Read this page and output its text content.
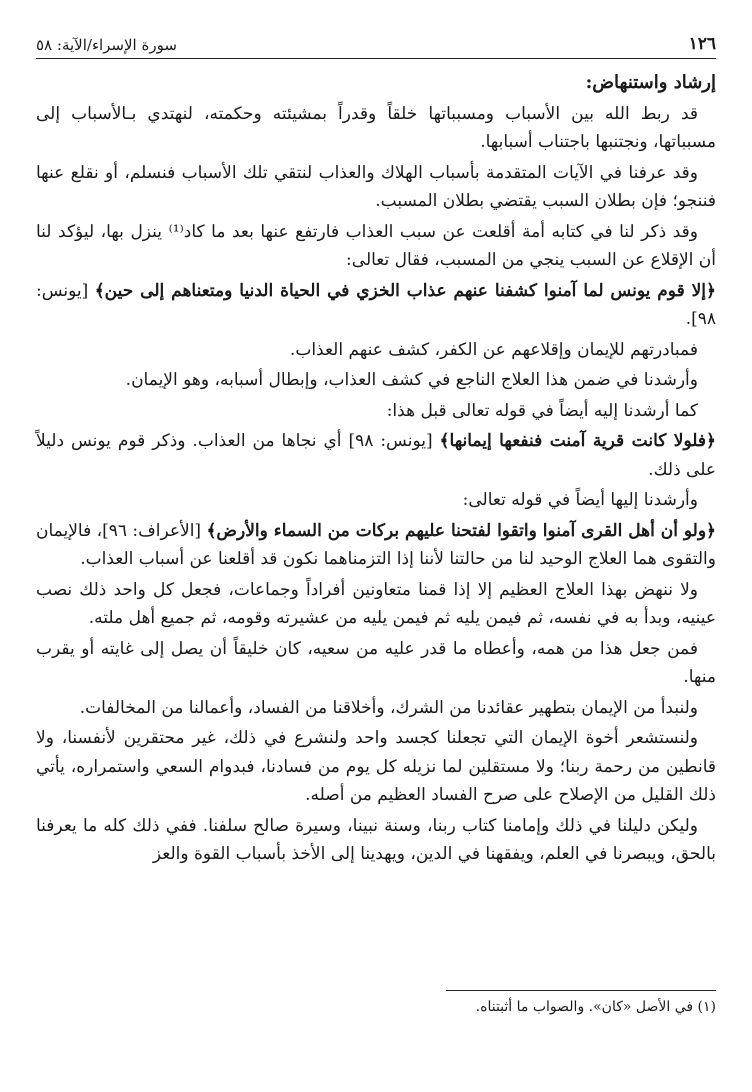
١٢٦
سورة الإسراء/الآية: ٥٨
إرشاد واستنهاض:

قد ربط الله بين الأسباب ومسبباتها خلقاً وقدراً بمشيئته وحكمته، لنهتدي بـالأسباب إلى مسبباتها، ونجتنبها باجتناب أسبابها.

وقد عرفنا في الآيات المتقدمة بأسباب الهلاك والعذاب لنتقي تلك الأسباب فنسلم، أو نقلع عنها فننجو؛ فإن بطلان السبب يقتضي بطلان المسبب.

وقد ذكر لنا في كتابه أمة أقلعت عن سبب العذاب فارتفع عنها بعد ما كاد⁽¹⁾ ينزل بها، ليؤكد لنا أن الإقلاع عن السبب ينجي من المسبب، فقال تعالى:

﴿إلا قوم يونس لما آمنوا كشفنا عنهم عذاب الخزي في الحياة الدنيا ومتعناهم إلى حين﴾ [يونس: ٩٨].

فمبادرتهم للإيمان وإقلاعهم عن الكفر، كشف عنهم العذاب.

وأرشدنا في ضمن هذا العلاج الناجع في كشف العذاب، وإبطال أسبابه، وهو الإيمان.

كما أرشدنا إليه أيضاً في قوله تعالى قبل هذا:

﴿فلولا كانت قرية آمنت فنفعها إيمانها﴾ [يونس: ٩٨] أي نجاها من العذاب. وذكر قوم يونس دليلاً على ذلك.

وأرشدنا إليها أيضاً في قوله تعالى:

﴿ولو أن أهل القرى آمنوا واتقوا لفتحنا عليهم بركات من السماء والأرض﴾ [الأعراف: ٩٦]، فالإيمان والتقوى هما العلاج الوحيد لنا من حالتنا لأننا إذا التزمناهما نكون قد أقلعنا عن أسباب العذاب.

ولا ننهض بهذا العلاج العظيم إلا إذا قمنا متعاونين أفراداً وجماعات، فجعل كل واحد ذلك نصب عينيه، وبدأ به في نفسه، ثم فيمن يليه ثم فيمن يليه من عشيرته وقومه، ثم جميع أهل ملته.

فمن جعل هذا من همه، وأعطاه ما قدر عليه من سعيه، كان خليقاً أن يصل إلى غايته أو يقرب منها.

ولنبدأ من الإيمان بتطهير عقائدنا من الشرك، وأخلاقنا من الفساد، وأعمالنا من المخالفات.

ولنستشعر أخوة الإيمان التي تجعلنا كجسد واحد ولنشرع في ذلك، غير محتقرين لأنفسنا، ولا قانطين من رحمة ربنا؛ ولا مستقلين لما نزيله كل يوم من فسادنا، فبدوام السعي واستمراره، يأتي ذلك القليل من الإصلاح على صرح الفساد العظيم من أصله.

وليكن دليلنا في ذلك وإمامنا كتاب ربنا، وسنة نبينا، وسيرة صالح سلفنا. ففي ذلك كله ما يعرفنا بالحق، ويبصرنا في العلم، ويفقهنا في الدين، ويهدينا إلى الأخذ بأسباب القوة والعز

(١) في الأصل «كان». والصواب ما أثبتناه.
